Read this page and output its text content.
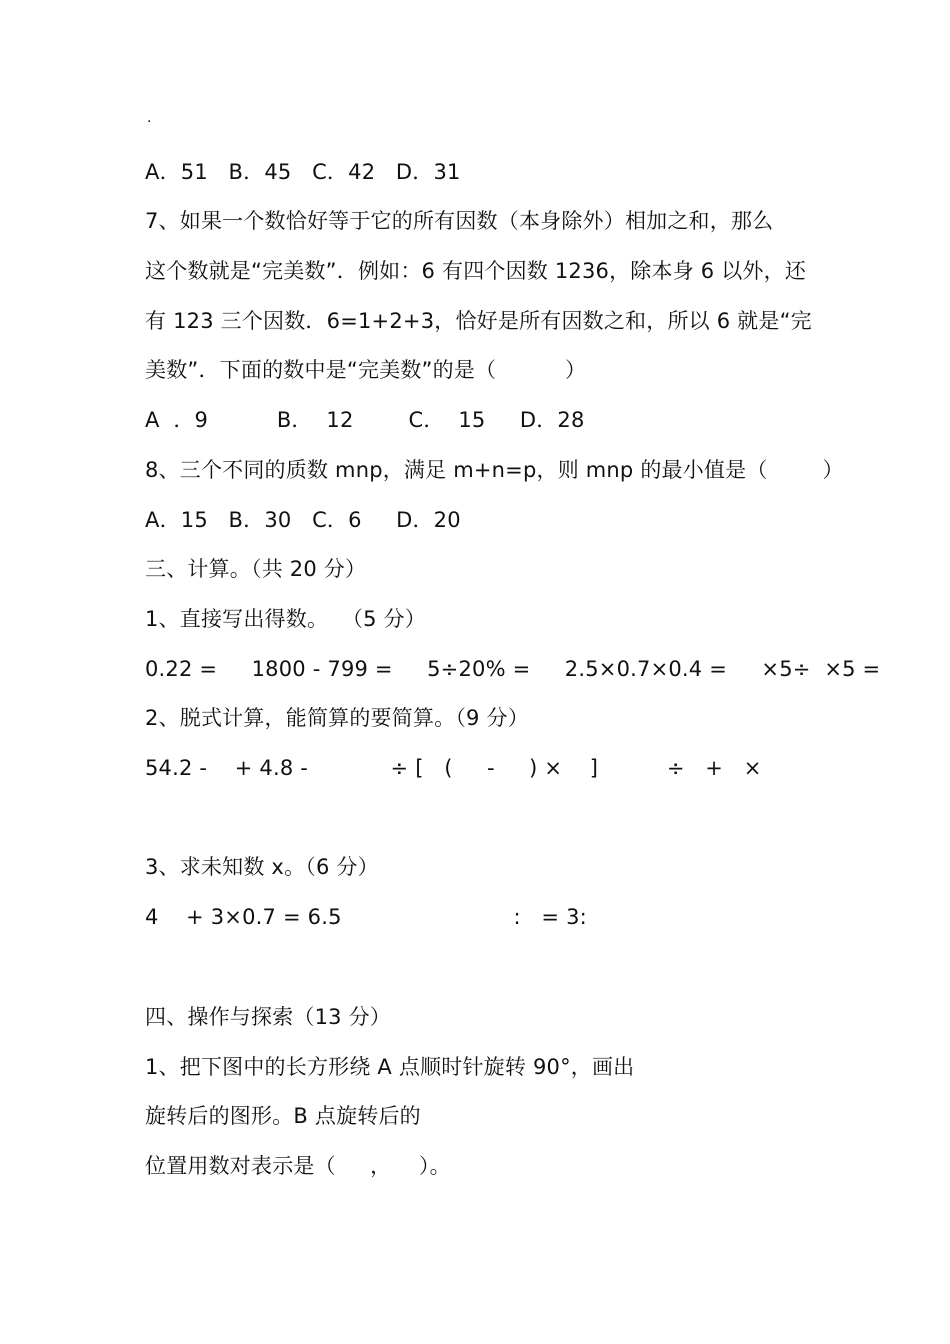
.
A．51   B．45   C．42   D．31
7、如果一个数恰好等于它的所有因数（本身除外）相加之和，那么
这个数就是“完美数”．例如：6 有四个因数 1236，除本身 6 以外，还
有 123 三个因数．6=1+2+3，恰好是所有因数之和，所以 6 就是“完
美数”．下面的数中是“完美数”的是（          ）
A  ．9          B．  12        C．  15     D．28
8、三个不同的质数 mnp，满足 m+n=p，则 mnp 的最小值是（        ）
A．15   B．30   C．6     D．20
三、计算。（共 20 分）
1、直接写出得数。  （5 分）
0.22 =     1800 - 799 =     5÷20% =     2.5×0.7×0.4 =     ×5÷  ×5 =
2、脱式计算，能简算的要简算。（9 分）
54.2 -    + 4.8 -            ÷ [   (     -     ) ×    ]          ÷   +   ×
3、求未知数 x。（6 分）
4    + 3×0.7 = 6.5                         :   = 3:
四、操作与探索（13 分）
1、把下图中的长方形绕 A 点顺时针旋转 90°，画出
旋转后的图形。B 点旋转后的
位置用数对表示是（     ，    ）。
